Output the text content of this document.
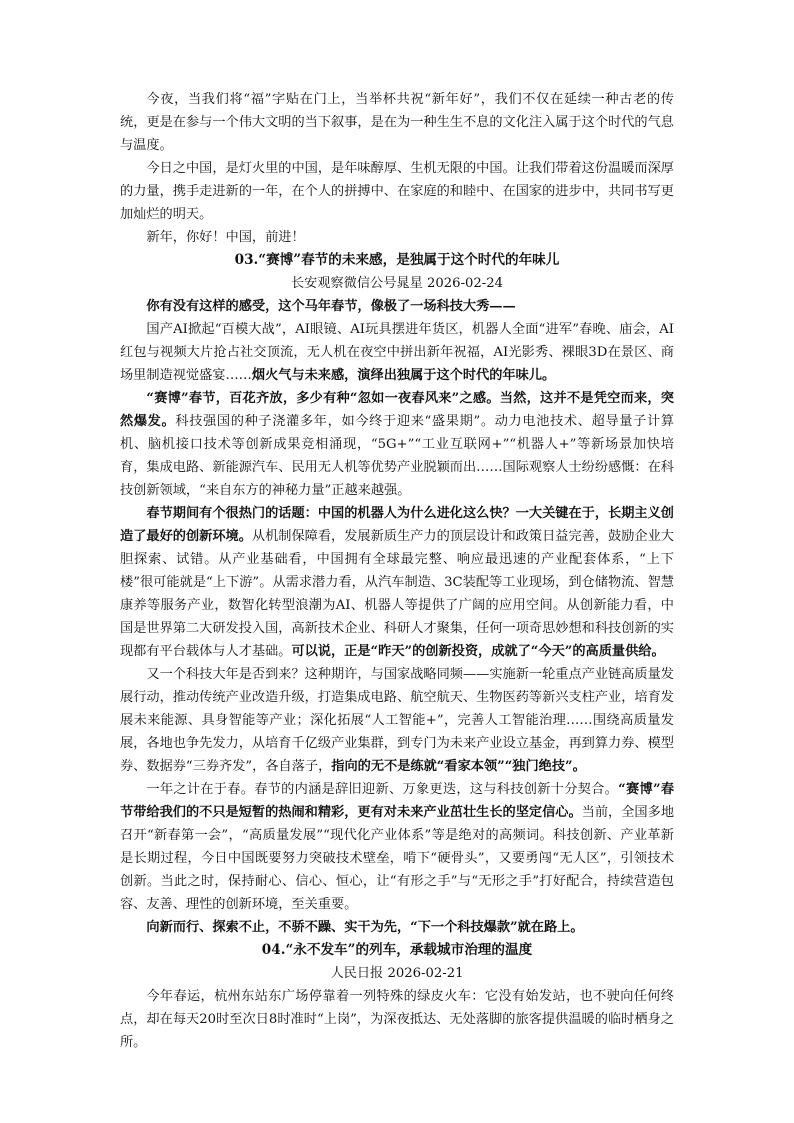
今夜，当我们将“福”字贴在门上，当举杯共祝“新年好”，我们不仅在延续一种古老的传统，更是在参与一个伟大文明的当下叙事，是在为一种生生不息的文化注入属于这个时代的气息与温度。

今日之中国，是灯火里的中国，是年味醇厚、生机无限的中国。让我们带着这份温暖而深厚的力量，携手走进新的一年，在个人的拼搏中、在家庭的和睦中、在国家的进步中，共同书写更加灿烂的明天。

新年，你好！中国，前进！

03.“赛博”春节的未来感，是独属于这个时代的年味儿
长安观察微信公号晁星 2026-02-24

你有没有这样的感受，这个马年春节，像极了一场科技大秀——

国产AI掀起“百模大战”，AI眼镜、AI玩具摆进年货区，机器人全面“进军”春晚、庙会，AI红包与视频大片抢占社交顶流，无人机在夜空中拼出新年祝福，AI光影秀、裸眼3D在景区、商场里制造视觉盛宴……烟火气与未来感，演绎出独属于这个时代的年味儿。

“赛博”春节，百花齐放，多少有种“忽如一夜春风来”之感。当然，这并不是凭空而来，突然爆发。科技强国的种子浇灌多年，如今终于迎来“盛果期”。动力电池技术、超导量子计算机、脑机接口技术等创新成果竞相涌现，“5G+”“工业互联网+”“机器人+”等新场景加快培育，集成电路、新能源汽车、民用无人机等优势产业脱颖而出……国际观察人士纷纷感慨：在科技创新领域，“来自东方的神秘力量”正越来越强。

春节期间有个很热门的话题：中国的机器人为什么进化这么快？一大关键在于，长期主义创造了最好的创新环境。从机制保障看，发展新质生产力的顶层设计和政策日益完善，鼓励企业大胆探索、试错。从产业基础看，中国拥有全球最完整、响应最迅速的产业配套体系，“上下楼”很可能就是“上下游”。从需求潜力看，从汽车制造、3C装配等工业现场，到仓储物流、智慧康养等服务产业，数智化转型浪潮为AI、机器人等提供了广阔的应用空间。从创新能力看，中国是世界第二大研发投入国，高新技术企业、科研人才聚集，任何一项奇思妙想和科技创新的实现都有平台载体与人才基础。可以说，正是“昨天”的创新投资，成就了“今天”的高质量供给。

又一个科技大年是否到来？这种期许，与国家战略同频——实施新一轮重点产业链高质量发展行动，推动传统产业改造升级，打造集成电路、航空航天、生物医药等新兴支柱产业，培育发展未来能源、具身智能等产业；深化拓展“人工智能+”，完善人工智能治理……围绕高质量发展，各地也争先发力，从培育千亿级产业集群，到专门为未来产业设立基金，再到算力券、模型券、数据券“三券齐发”，各自落子，指向的无不是练就“看家本领”“独门绝技”。

一年之计在于春。春节的内涵是辞旧迎新、万象更迭，这与科技创新十分契合。“赛博”春节带给我们的不只是短暂的热闹和精彩，更有对未来产业茁壮生长的坚定信心。当前，全国多地召开“新春第一会”，“高质量发展”“现代化产业体系”等是绝对的高频词。科技创新、产业革新是长期过程，今日中国既要努力突破技术壁垒，啃下“硬骨头”，又要勇闯“无人区”，引领技术创新。当此之时，保持耐心、信心、恒心，让“有形之手”与“无形之手”打好配合，持续营造包容、友善、理性的创新环境，至关重要。

向新而行、探索不止，不骄不躁、实干为先，“下一个科技爆款”就在路上。

04.“永不发车”的列车，承载城市治理的温度
人民日报 2026-02-21

今年春运，杭州东站东广场停靠着一列特殊的绿皮火车：它没有始发站，也不驶向任何终点，却在每天20时至次日8时准时“上岗”，为深夜抵达、无处落脚的旅客提供温暖的临时栖身之所。
